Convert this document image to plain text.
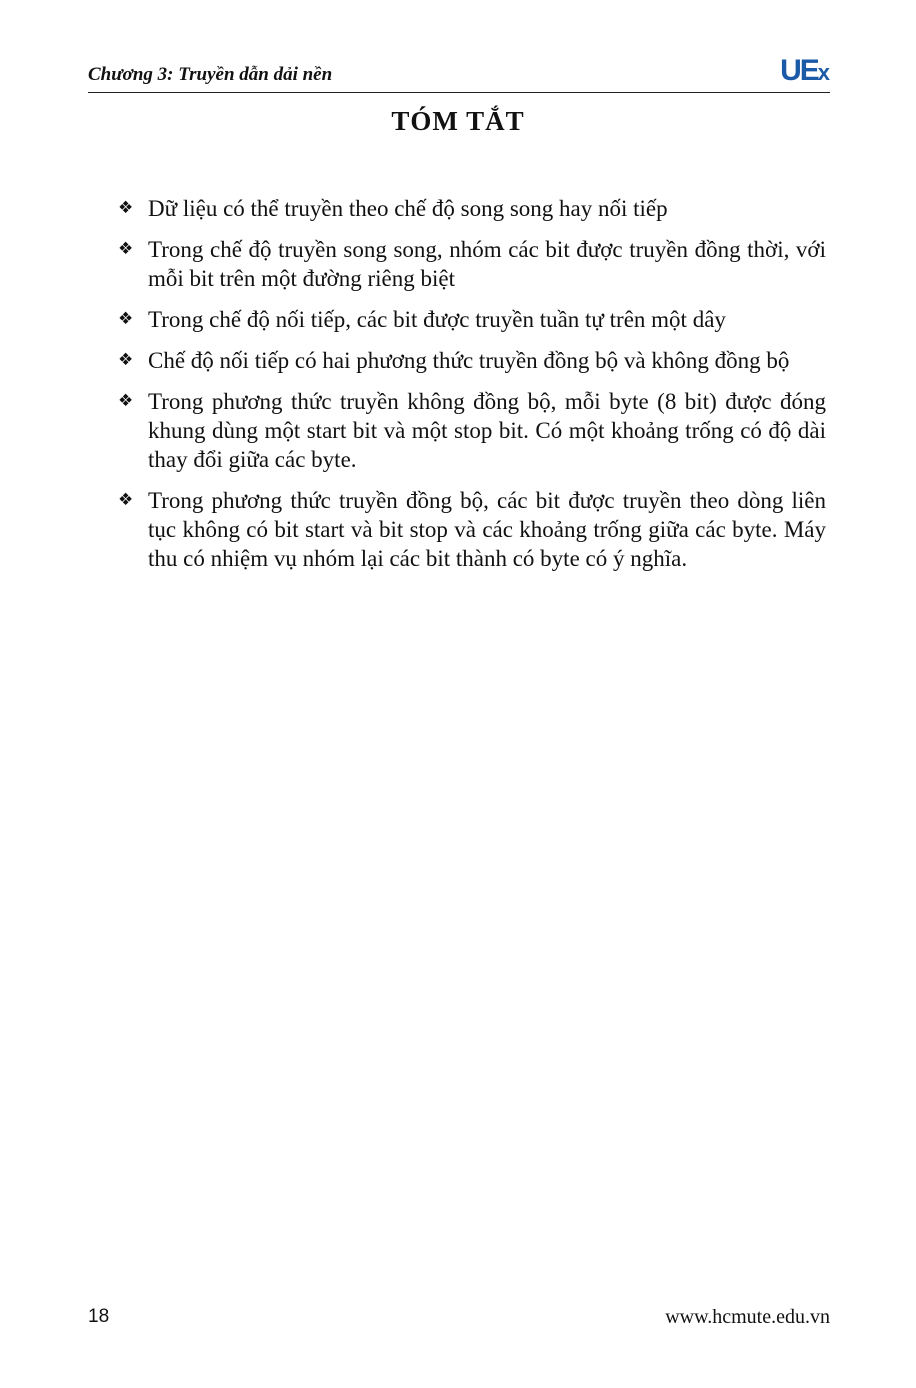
Chương 3: Truyền dẫn dải nền	UEx
TÓM TẮT
❖ Dữ liệu có thể truyền theo chế độ song song hay nối tiếp
❖ Trong chế độ truyền song song, nhóm các bit được truyền đồng thời, với mỗi bit trên một đường riêng biệt
❖ Trong chế độ nối tiếp, các bit được truyền tuần tự trên một dây
❖ Chế độ nối tiếp có hai phương thức truyền đồng bộ và không đồng bộ
❖ Trong phương thức truyền không đồng bộ, mỗi byte (8 bit) được đóng khung dùng một start bit và một stop bit. Có một khoảng trống có độ dài thay đổi giữa các byte.
❖ Trong phương thức truyền đồng bộ, các bit được truyền theo dòng liên tục không có bit start và bit stop và các khoảng trống giữa các byte. Máy thu có nhiệm vụ nhóm lại các bit thành có byte có ý nghĩa.
18	www.hcmute.edu.vn
